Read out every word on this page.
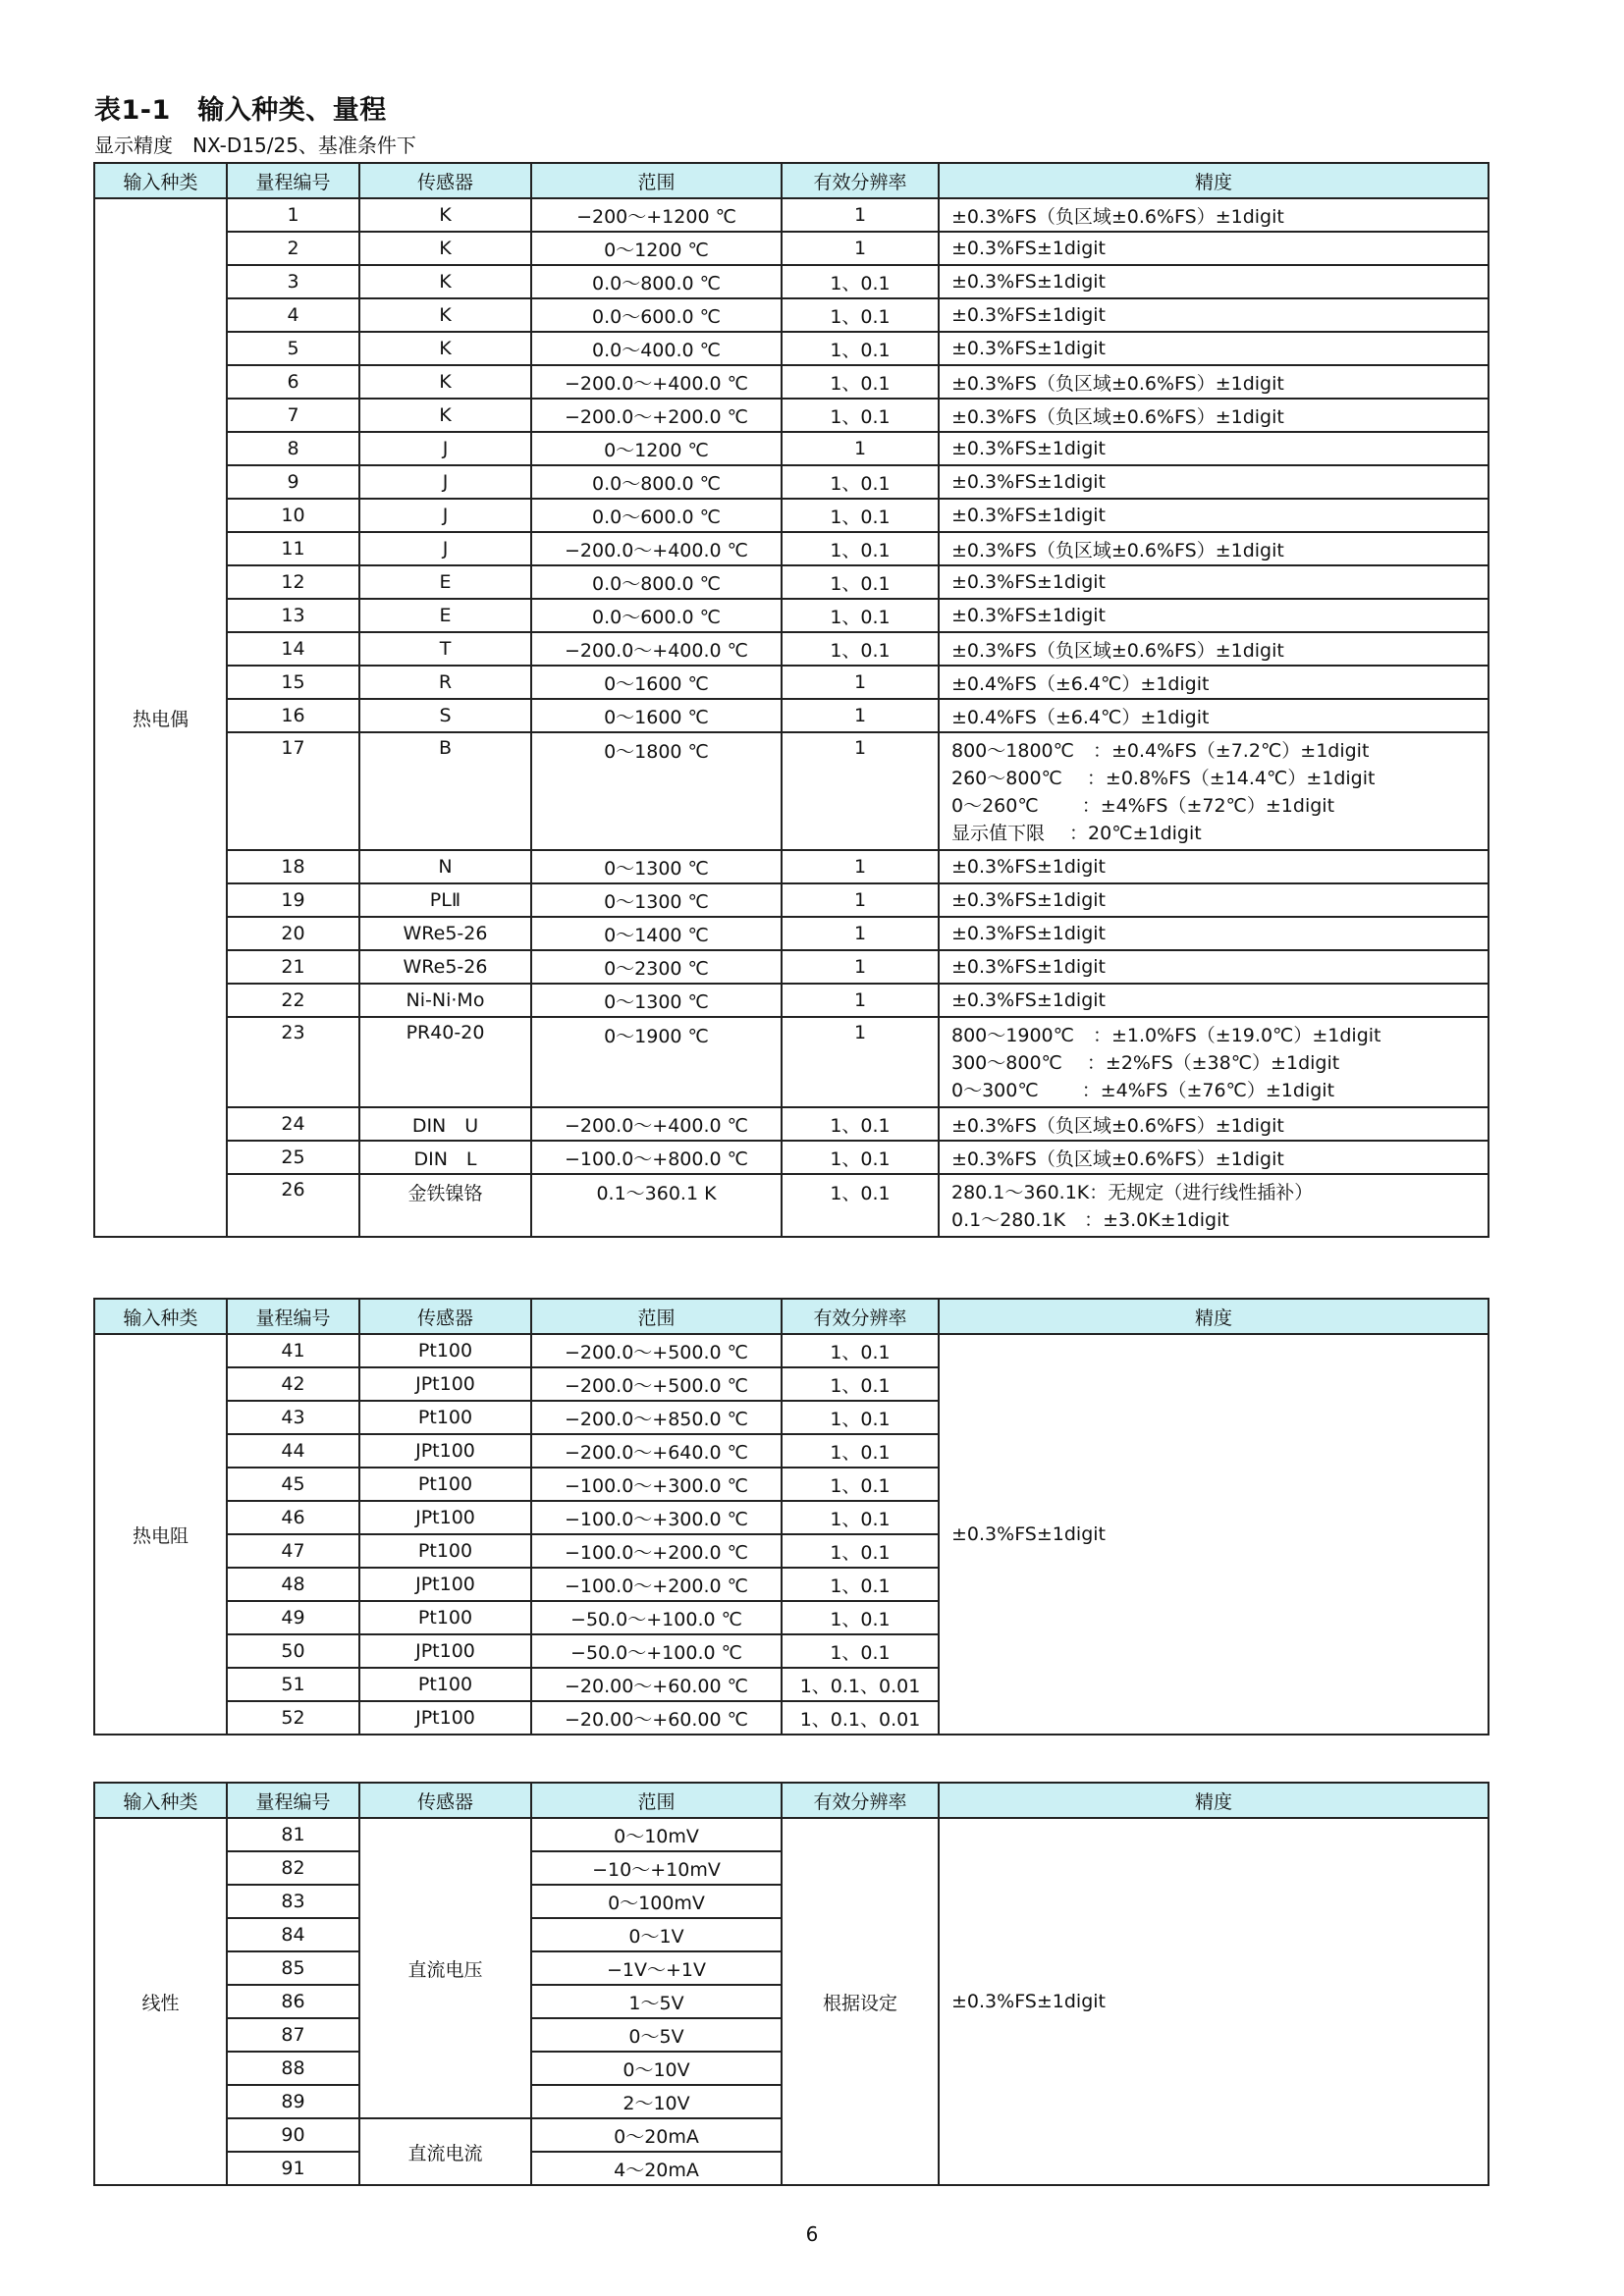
表1-1　输入种类、量程
显示精度　NX-D15/25、基准条件下
输入种类	量程编号	传感器	范围	有效分辨率	精度
热电偶	1	K	−200～+1200 ℃	1	±0.3%FS（负区域±0.6%FS）±1digit
	2	K	0～1200 ℃	1	±0.3%FS±1digit
	3	K	0.0～800.0 ℃	1、0.1	±0.3%FS±1digit
	4	K	0.0～600.0 ℃	1、0.1	±0.3%FS±1digit
	5	K	0.0～400.0 ℃	1、0.1	±0.3%FS±1digit
	6	K	−200.0～+400.0 ℃	1、0.1	±0.3%FS（负区域±0.6%FS）±1digit
	7	K	−200.0～+200.0 ℃	1、0.1	±0.3%FS（负区域±0.6%FS）±1digit
	8	J	0～1200 ℃	1	±0.3%FS±1digit
	9	J	0.0～800.0 ℃	1、0.1	±0.3%FS±1digit
	10	J	0.0～600.0 ℃	1、0.1	±0.3%FS±1digit
	11	J	−200.0～+400.0 ℃	1、0.1	±0.3%FS（负区域±0.6%FS）±1digit
	12	E	0.0～800.0 ℃	1、0.1	±0.3%FS±1digit
	13	E	0.0～600.0 ℃	1、0.1	±0.3%FS±1digit
	14	T	−200.0～+400.0 ℃	1、0.1	±0.3%FS（负区域±0.6%FS）±1digit
	15	R	0～1600 ℃	1	±0.4%FS（±6.4℃）±1digit
	16	S	0～1600 ℃	1	±0.4%FS（±6.4℃）±1digit
	17	B	0～1800 ℃	1	800～1800℃　：±0.4%FS（±7.2℃）±1digit
260～800℃　 ：±0.8%FS（±14.4℃）±1digit
0～260℃　　 ：±4%FS（±72℃）±1digit
显示值下限　 ：20℃±1digit

	18	N	0～1300 ℃	1	±0.3%FS±1digit
	19	PLⅡ	0～1300 ℃	1	±0.3%FS±1digit
	20	WRe5-26	0～1400 ℃	1	±0.3%FS±1digit
	21	WRe5-26	0～2300 ℃	1	±0.3%FS±1digit
	22	Ni-Ni·Mo	0～1300 ℃	1	±0.3%FS±1digit
	23	PR40-20	0～1900 ℃	1	800～1900℃　：±1.0%FS（±19.0℃）±1digit
300～800℃　 ：±2%FS（±38℃）±1digit
0～300℃　　 ：±4%FS（±76℃）±1digit

	24	DIN　U	−200.0～+400.0 ℃	1、0.1	±0.3%FS（负区域±0.6%FS）±1digit
	25	DIN　L	−100.0～+800.0 ℃	1、0.1	±0.3%FS（负区域±0.6%FS）±1digit
	26	金铁镍铬	0.1～360.1 K	1、0.1	280.1～360.1K：无规定（进行线性插补）
0.1～280.1K　：±3.0K±1digit
输入种类	量程编号	传感器	范围	有效分辨率	精度
热电阻	41	Pt100	−200.0～+500.0 ℃	1、0.1	±0.3%FS±1digit
	42	JPt100	−200.0～+500.0 ℃	1、0.1	
	43	Pt100	−200.0～+850.0 ℃	1、0.1	
	44	JPt100	−200.0～+640.0 ℃	1、0.1	
	45	Pt100	−100.0～+300.0 ℃	1、0.1	
	46	JPt100	−100.0～+300.0 ℃	1、0.1	
	47	Pt100	−100.0～+200.0 ℃	1、0.1	
	48	JPt100	−100.0～+200.0 ℃	1、0.1	
	49	Pt100	−50.0～+100.0 ℃	1、0.1	
	50	JPt100	−50.0～+100.0 ℃	1、0.1	
	51	Pt100	−20.00～+60.00 ℃	1、0.1、0.01	
	52	JPt100	−20.00～+60.00 ℃	1、0.1、0.01	
输入种类	量程编号	传感器	范围	有效分辨率	精度
线性	81	直流电压	0～10mV	根据设定	±0.3%FS±1digit
	82		−10～+10mV		
	83		0～100mV		
	84		0～1V		
	85		−1V～+1V		
	86		1～5V		
	87		0～5V		
	88		0～10V		
	89		2～10V		
	90	直流电流	0～20mA		
	91		4～20mA		
6
